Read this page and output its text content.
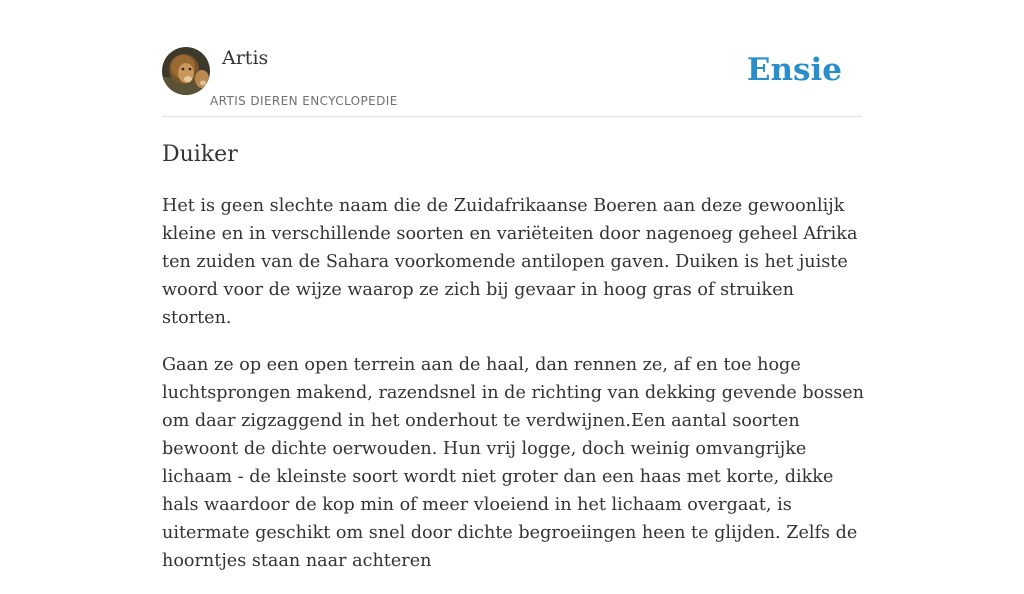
Artis
ARTIS DIEREN ENCYCLOPEDIE
Ensie
Duiker

Het is geen slechte naam die de Zuidafrikaanse Boeren aan deze gewoonlijk kleine en in verschillende soorten en variëteiten door nagenoeg geheel Afrika ten zuiden van de Sahara voorkomende antilopen gaven. Duiken is het juiste woord voor de wijze waarop ze zich bij gevaar in hoog gras of struiken storten.

Gaan ze op een open terrein aan de haal, dan rennen ze, af en toe hoge luchtsprongen makend, razendsnel in de richting van dekking gevende bossen om daar zigzaggend in het onderhout te verdwijnen.Een aantal soorten bewoont de dichte oerwouden. Hun vrij logge, doch weinig omvangrijke lichaam - de kleinste soort wordt niet groter dan een haas met korte, dikke hals waardoor de kop min of meer vloeiend in het lichaam overgaat, is uitermate geschikt om snel door dichte begroeiingen heen te glijden. Zelfs de hoorntjes staan naar achteren
